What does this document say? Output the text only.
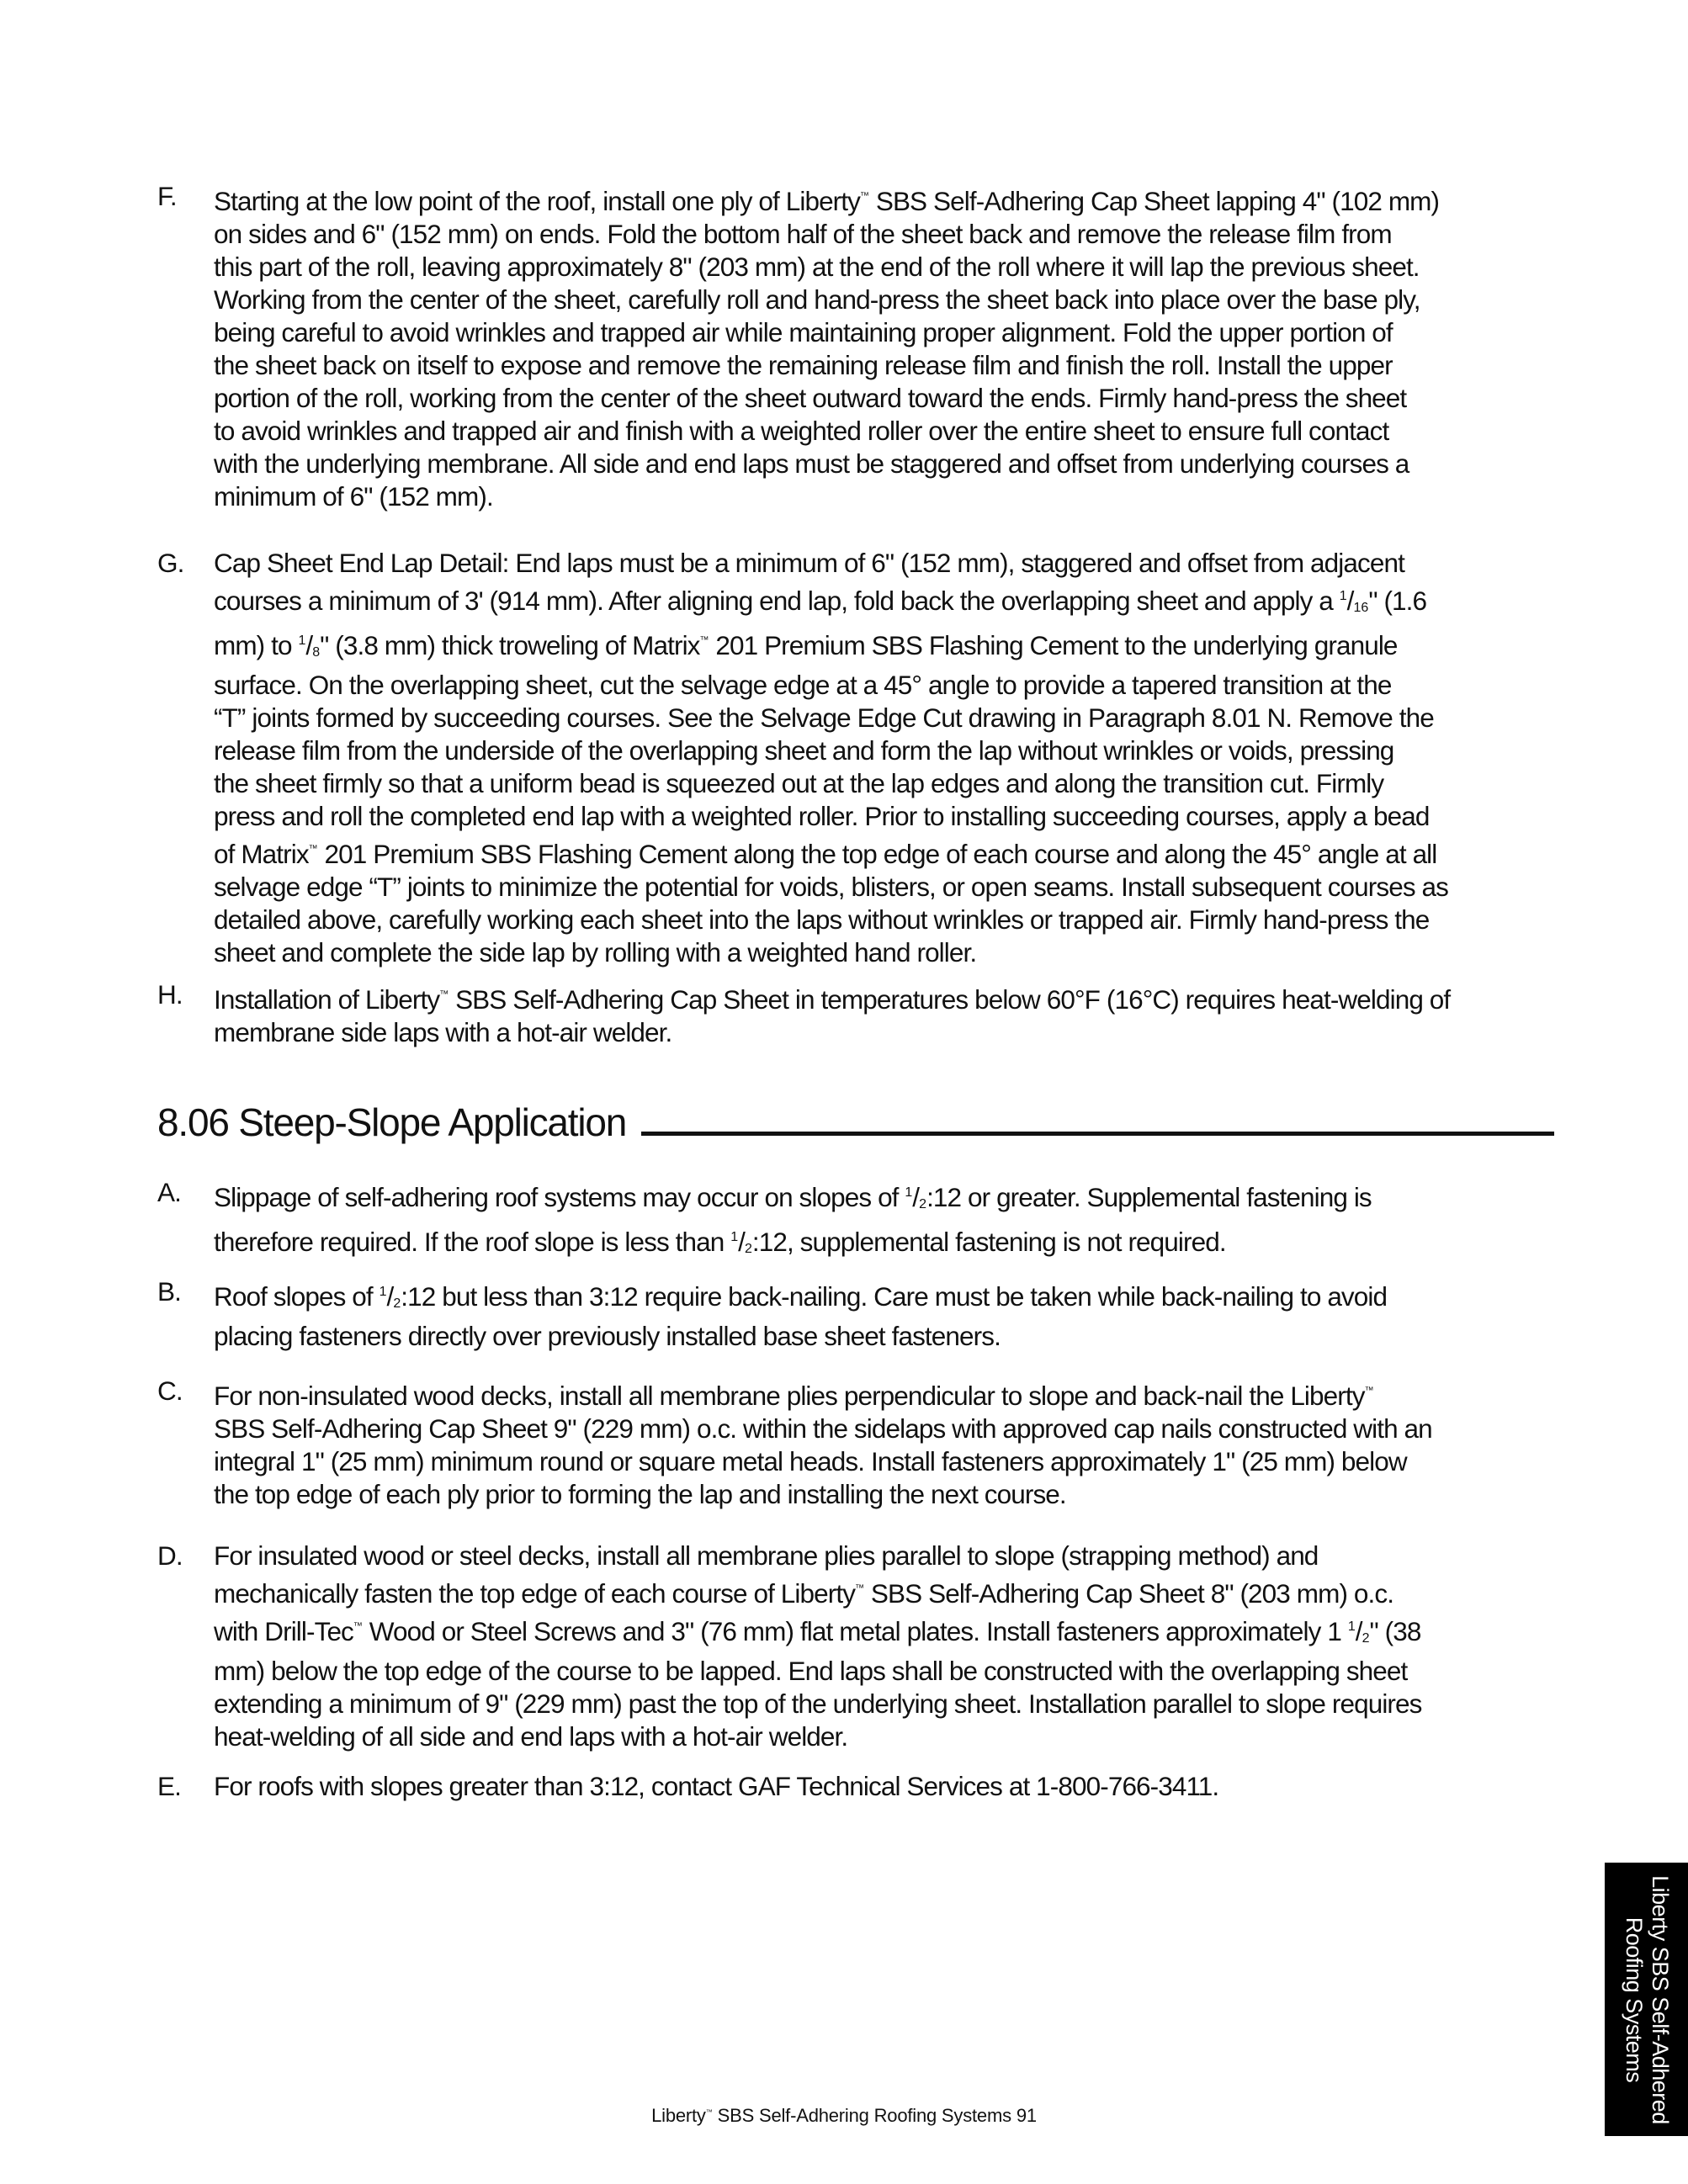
F. Starting at the low point of the roof, install one ply of Liberty™ SBS Self-Adhering Cap Sheet lapping 4" (102 mm)
on sides and 6" (152 mm) on ends. Fold the bottom half of the sheet back and remove the release film from
this part of the roll, leaving approximately 8" (203 mm) at the end of the roll where it will lap the previous sheet.
Working from the center of the sheet, carefully roll and hand-press the sheet back into place over the base ply,
being careful to avoid wrinkles and trapped air while maintaining proper alignment. Fold the upper portion of
the sheet back on itself to expose and remove the remaining release film and finish the roll. Install the upper
portion of the roll, working from the center of the sheet outward toward the ends. Firmly hand-press the sheet
to avoid wrinkles and trapped air and finish with a weighted roller over the entire sheet to ensure full contact
with the underlying membrane. All side and end laps must be staggered and offset from underlying courses a
minimum of 6" (152 mm).
G. Cap Sheet End Lap Detail: End laps must be a minimum of 6" (152 mm), staggered and offset from adjacent
courses a minimum of 3' (914 mm). After aligning end lap, fold back the overlapping sheet and apply a $^1/_{16}$" (1.6
mm) to $^1/_8$" (3.8 mm) thick troweling of Matrix™ 201 Premium SBS Flashing Cement to the underlying granule
surface. On the overlapping sheet, cut the selvage edge at a 45° angle to provide a tapered transition at the
“T” joints formed by succeeding courses. See the Selvage Edge Cut drawing in Paragraph 8.01 N. Remove the
release film from the underside of the overlapping sheet and form the lap without wrinkles or voids, pressing
the sheet firmly so that a uniform bead is squeezed out at the lap edges and along the transition cut. Firmly
press and roll the completed end lap with a weighted roller. Prior to installing succeeding courses, apply a bead
of Matrix™ 201 Premium SBS Flashing Cement along the top edge of each course and along the 45° angle at all
selvage edge “T” joints to minimize the potential for voids, blisters, or open seams. Install subsequent courses as
detailed above, carefully working each sheet into the laps without wrinkles or trapped air. Firmly hand-press the
sheet and complete the side lap by rolling with a weighted hand roller.
H. Installation of Liberty™ SBS Self-Adhering Cap Sheet in temperatures below 60°F (16°C) requires heat-welding of
membrane side laps with a hot-air welder.
8.06 Steep-Slope Application
A. Slippage of self-adhering roof systems may occur on slopes of $^1/_2:12$ or greater. Supplemental fastening is
therefore required. If the roof slope is less than $^1/_2:12$, supplemental fastening is not required.
B. Roof slopes of $^1/_2:12$ but less than 3:12 require back-nailing. Care must be taken while back-nailing to avoid
placing fasteners directly over previously installed base sheet fasteners.
C. For non-insulated wood decks, install all membrane plies perpendicular to slope and back-nail the Liberty™
SBS Self-Adhering Cap Sheet 9" (229 mm) o.c. within the sidelaps with approved cap nails constructed with an
integral 1" (25 mm) minimum round or square metal heads. Install fasteners approximately 1" (25 mm) below
the top edge of each ply prior to forming the lap and installing the next course.
D. For insulated wood or steel decks, install all membrane plies parallel to slope (strapping method) and
mechanically fasten the top edge of each course of Liberty™ SBS Self-Adhering Cap Sheet 8" (203 mm) o.c.
with Drill-Tec™ Wood or Steel Screws and 3" (76 mm) flat metal plates. Install fasteners approximately 1 $^1/_2$" (38
mm) below the top edge of the course to be lapped. End laps shall be constructed with the overlapping sheet
extending a minimum of 9" (229 mm) past the top of the underlying sheet. Installation parallel to slope requires
heat-welding of all side and end laps with a hot-air welder.
E. For roofs with slopes greater than 3:12, contact GAF Technical Services at 1-800-766-3411.
Liberty SBS Self-Adhered
Roofing Systems
Liberty™ SBS Self-Adhering Roofing Systems 91
